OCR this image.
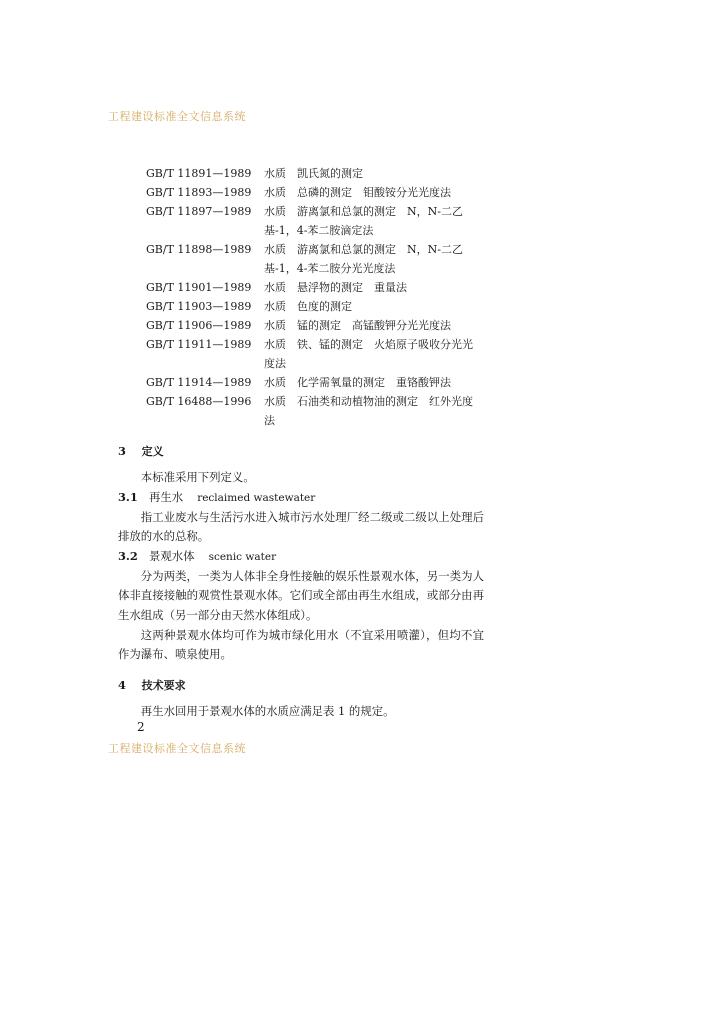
工程建设标准全文信息系统
GB/T 11891—1989	水质　凯氏氮的测定
GB/T 11893—1989	水质　总磷的测定　钼酸铵分光光度法
GB/T 11897—1989	水质　游离氯和总氯的测定　N，N-二乙基-1，4-苯二胺滴定法
GB/T 11898—1989	水质　游离氯和总氯的测定　N，N-二乙基-1，4-苯二胺分光光度法
GB/T 11901—1989	水质　悬浮物的测定　重量法
GB/T 11903—1989	水质　色度的测定
GB/T 11906—1989	水质　锰的测定　高锰酸钾分光光度法
GB/T 11911—1989	水质　铁、锰的测定　火焰原子吸收分光光度法
GB/T 11914—1989	水质　化学需氧量的测定　重铬酸钾法
GB/T 16488—1996	水质　石油类和动植物油的测定　红外光度法
3 定义

本标准采用下列定义。

3.1 再生水 reclaimed wastewater

指工业废水与生活污水进入城市污水处理厂经二级或二级以上处理后排放的水的总称。

3.2 景观水体 scenic water

分为两类，一类为人体非全身性接触的娱乐性景观水体，另一类为人体非直接接触的观赏性景观水体。它们或全部由再生水组成，或部分由再生水组成（另一部分由天然水体组成）。

这两种景观水体均可作为城市绿化用水（不宜采用喷灌），但均不宜作为瀑布、喷泉使用。

4 技术要求

再生水回用于景观水体的水质应满足表 1 的规定。

2
工程建设标准全文信息系统
